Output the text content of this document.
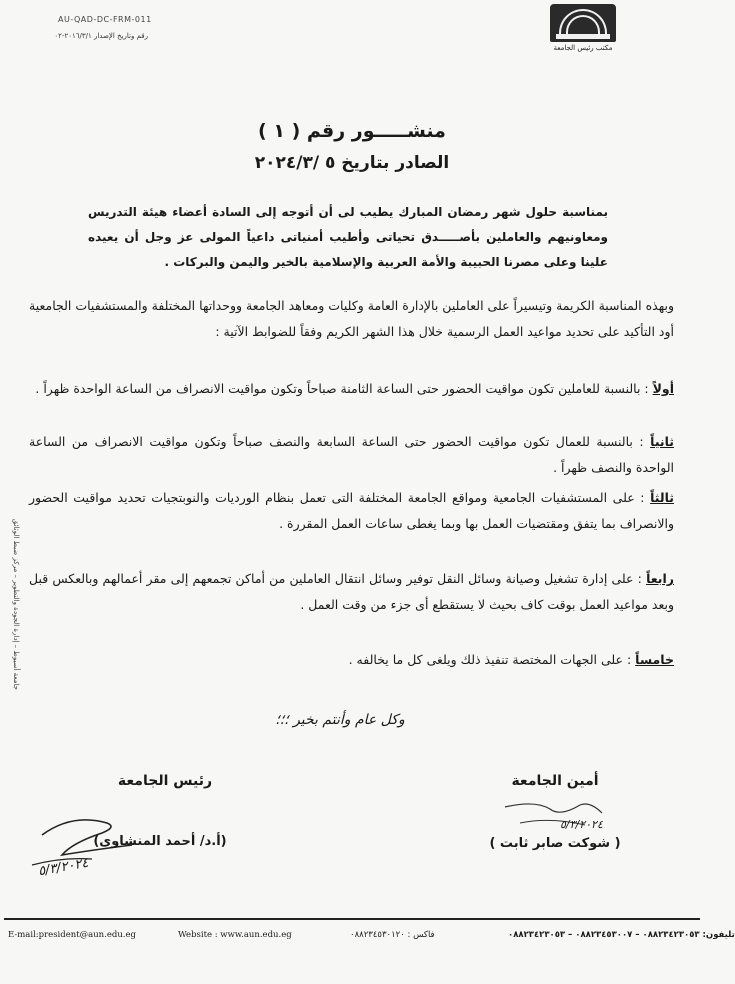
مكتب رئيس الجامعة
AU-QAD-DC-FRM-011
رقم وتاريخ الإصدار ٢٠١٦/٣/١-٠٢
منشـــــور رقم ( ١ )
الصادر بتاريخ ٥ /٢٠٢٤/٣
بمناسبة حلول شهر رمضان المبارك يطيب لى أن أتوجه إلى السادة أعضاء هيئة التدريس ومعاونيهم والعاملين بأصـــــدق تحياتى وأطيب أمنياتى داعياً المولى عز وجل أن يعيده علينا وعلى مصرنا الحبيبة والأمة العربية والإسلامية بالخير واليمن والبركات .
وبهذه المناسبة الكريمة وتيسيراً على العاملين بالإدارة العامة وكليات ومعاهد الجامعة ووحداتها المختلفة والمستشفيات الجامعية أود التأكيد على تحديد مواعيد العمل الرسمية خلال هذا الشهر الكريم وفقاً للضوابط الآتية :
أولاً : بالنسبة للعاملين تكون مواقيت الحضور حتى الساعة الثامنة صباحاً وتكون مواقيت الانصراف من الساعة الواحدة ظهراً .
ثانياً : بالنسبة للعمال تكون مواقيت الحضور حتى الساعة السابعة والنصف صباحاً وتكون مواقيت الانصراف من الساعة الواحدة والنصف ظهراً .
ثالثاً : على المستشفيات الجامعية ومواقع الجامعة المختلفة التى تعمل بنظام الورديات والنوبتجيات تحديد مواقيت الحضور والانصراف بما يتفق ومقتضيات العمل بها وبما يغطى ساعات العمل المقررة .
رابعاً : على إدارة تشغيل وصيانة وسائل النقل توفير وسائل انتقال العاملين من أماكن تجمعهم إلى مقر أعمالهم وبالعكس قبل وبعد مواعيد العمل بوقت كاف بحيث لا يستقطع أى جزء من وقت العمل .
خامساً : على الجهات المختصة تنفيذ ذلك ويلغى كل ما يخالفه .
وكل عام وأنتم بخير ؛؛؛
رئيس الجامعة
(أ.د/ أحمد المنشاوى)
٥/٣/٢٠٢٤
أمين الجامعة
٥/٣/٢٠٢٤
( شوكت صابر ثابت )
جامعة أسيوط – إدارة الجودة والتطوير – مركز ضبط الوثائق
E-mail:president@aun.edu.eg	Website : www.aun.edu.eg	فاكس : ٠٨٨٢٣٤٥٣٠١٢٠	تليفون: ٠٨٨٢٣٤٢٣٠٥٣ – ٠٨٨٢٣٤٥٣٠٠٧ – ٠٨٨٢٣٤٢٣٠٥٣
